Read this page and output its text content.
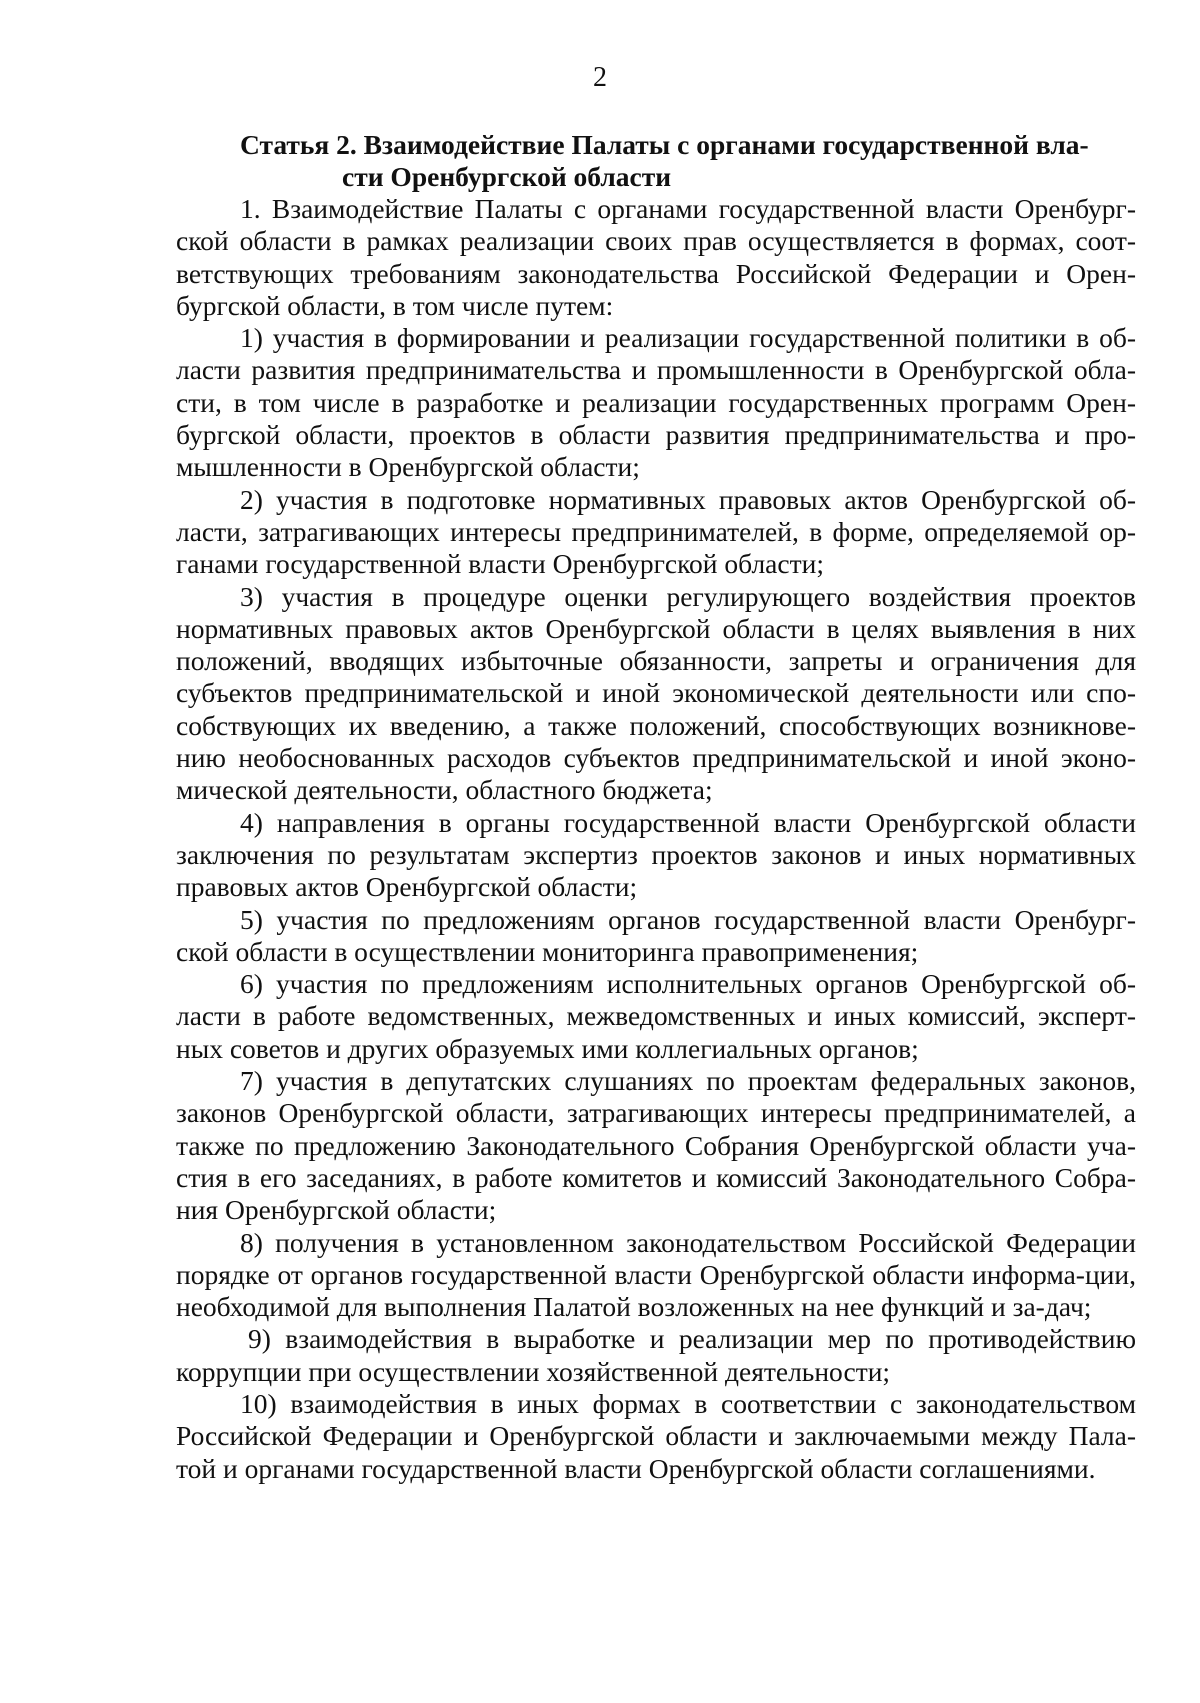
2
Статья 2. Взаимодействие Палаты с органами государственной вла-
сти Оренбургской области

1. Взаимодействие Палаты с органами государственной власти Оренбург-ской области в рамках реализации своих прав осуществляется в формах, соот-ветствующих требованиям законодательства Российской Федерации и Орен-бургской области, в том числе путем:

1) участия в формировании и реализации государственной политики в об-ласти развития предпринимательства и промышленности в Оренбургской обла-сти, в том числе в разработке и реализации государственных программ Орен-бургской области, проектов в области развития предпринимательства и про-мышленности в Оренбургской области;

2) участия в подготовке нормативных правовых актов Оренбургской об-ласти, затрагивающих интересы предпринимателей, в форме, определяемой ор-ганами государственной власти Оренбургской области;

3) участия в процедуре оценки регулирующего воздействия проектов нормативных правовых актов Оренбургской области в целях выявления в них положений, вводящих избыточные обязанности, запреты и ограничения для субъектов предпринимательской и иной экономической деятельности или спо-собствующих их введению, а также положений, способствующих возникнове-нию необоснованных расходов субъектов предпринимательской и иной эконо-мической деятельности, областного бюджета;

4) направления в органы государственной власти Оренбургской области заключения по результатам экспертиз проектов законов и иных нормативных правовых актов Оренбургской области;

5) участия по предложениям органов государственной власти Оренбург-ской области в осуществлении мониторинга правоприменения;

6) участия по предложениям исполнительных органов Оренбургской об-ласти в работе ведомственных, межведомственных и иных комиссий, эксперт-ных советов и других образуемых ими коллегиальных органов;

7) участия в депутатских слушаниях по проектам федеральных законов, законов Оренбургской области, затрагивающих интересы предпринимателей, а также по предложению Законодательного Собрания Оренбургской области уча-стия в его заседаниях, в работе комитетов и комиссий Законодательного Собра-ния Оренбургской области;

8) получения в установленном законодательством Российской Федерации порядке от органов государственной власти Оренбургской области информа-ции, необходимой для выполнения Палатой возложенных на нее функций и за-дач;

9) взаимодействия в выработке и реализации мер по противодействию коррупции при осуществлении хозяйственной деятельности;

10) взаимодействия в иных формах в соответствии с законодательством Российской Федерации и Оренбургской области и заключаемыми между Пала-той и органами государственной власти Оренбургской области соглашениями.
